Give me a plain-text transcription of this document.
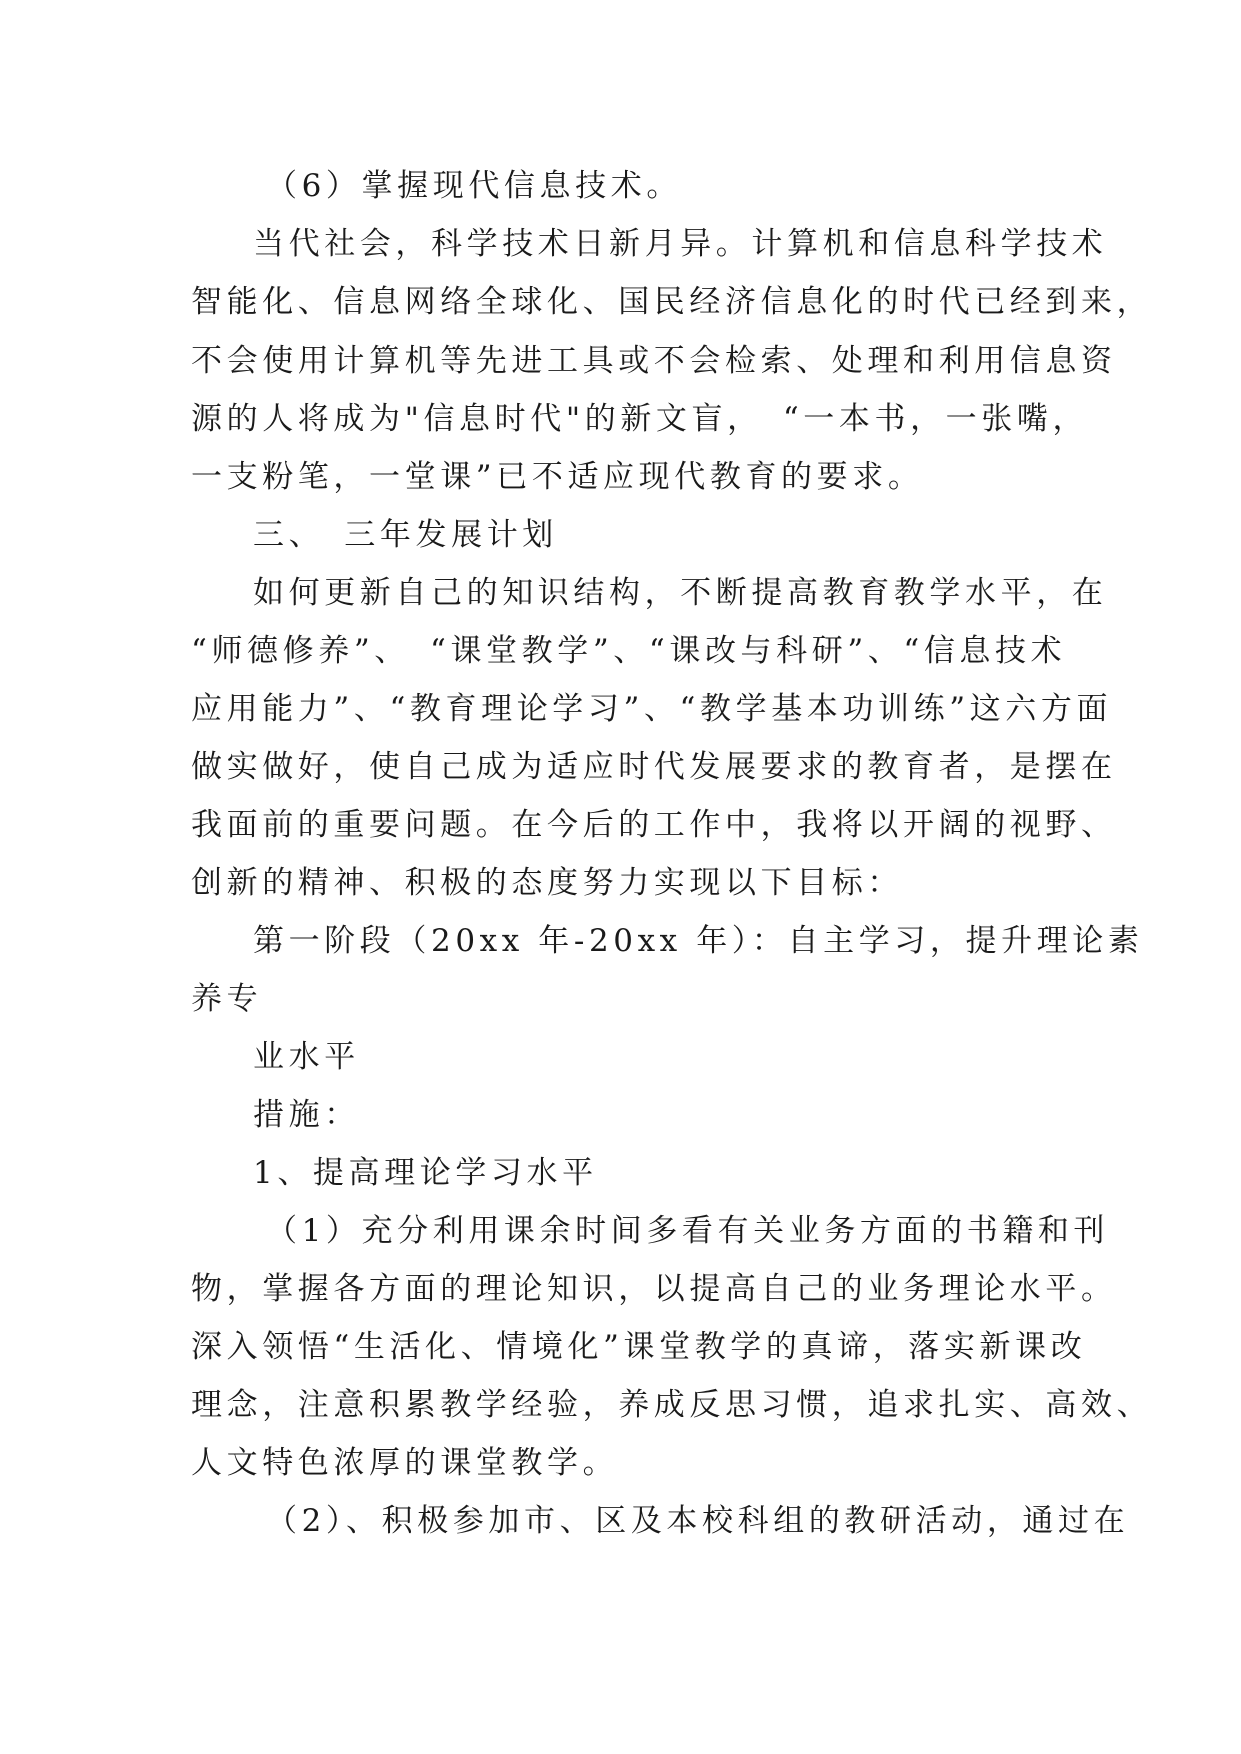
（6）掌握现代信息技术。
当代社会，科学技术日新月异。计算机和信息科学技术
智能化、信息网络全球化、国民经济信息化的时代已经到来，
不会使用计算机等先进工具或不会检索、处理和利用信息资
源的人将成为"信息时代"的新文盲，　“一本书，一张嘴，
一支粉笔，一堂课”已不适应现代教育的要求。
三、　三年发展计划
如何更新自己的知识结构，不断提高教育教学水平，在
“师德修养”、　“课堂教学”、“课改与科研”、“信息技术
应用能力”、“教育理论学习”、“教学基本功训练”这六方面
做实做好，使自己成为适应时代发展要求的教育者，是摆在
我面前的重要问题。在今后的工作中，我将以开阔的视野、
创新的精神、积极的态度努力实现以下目标：
第一阶段（20xx 年-20xx 年）：自主学习，提升理论素
养专
业水平
措施：
1、提高理论学习水平
（1）充分利用课余时间多看有关业务方面的书籍和刊
物，掌握各方面的理论知识，以提高自己的业务理论水平。
深入领悟“生活化、情境化”课堂教学的真谛，落实新课改
理念，注意积累教学经验，养成反思习惯，追求扎实、高效、
人文特色浓厚的课堂教学。
（2）、积极参加市、区及本校科组的教研活动，通过在
